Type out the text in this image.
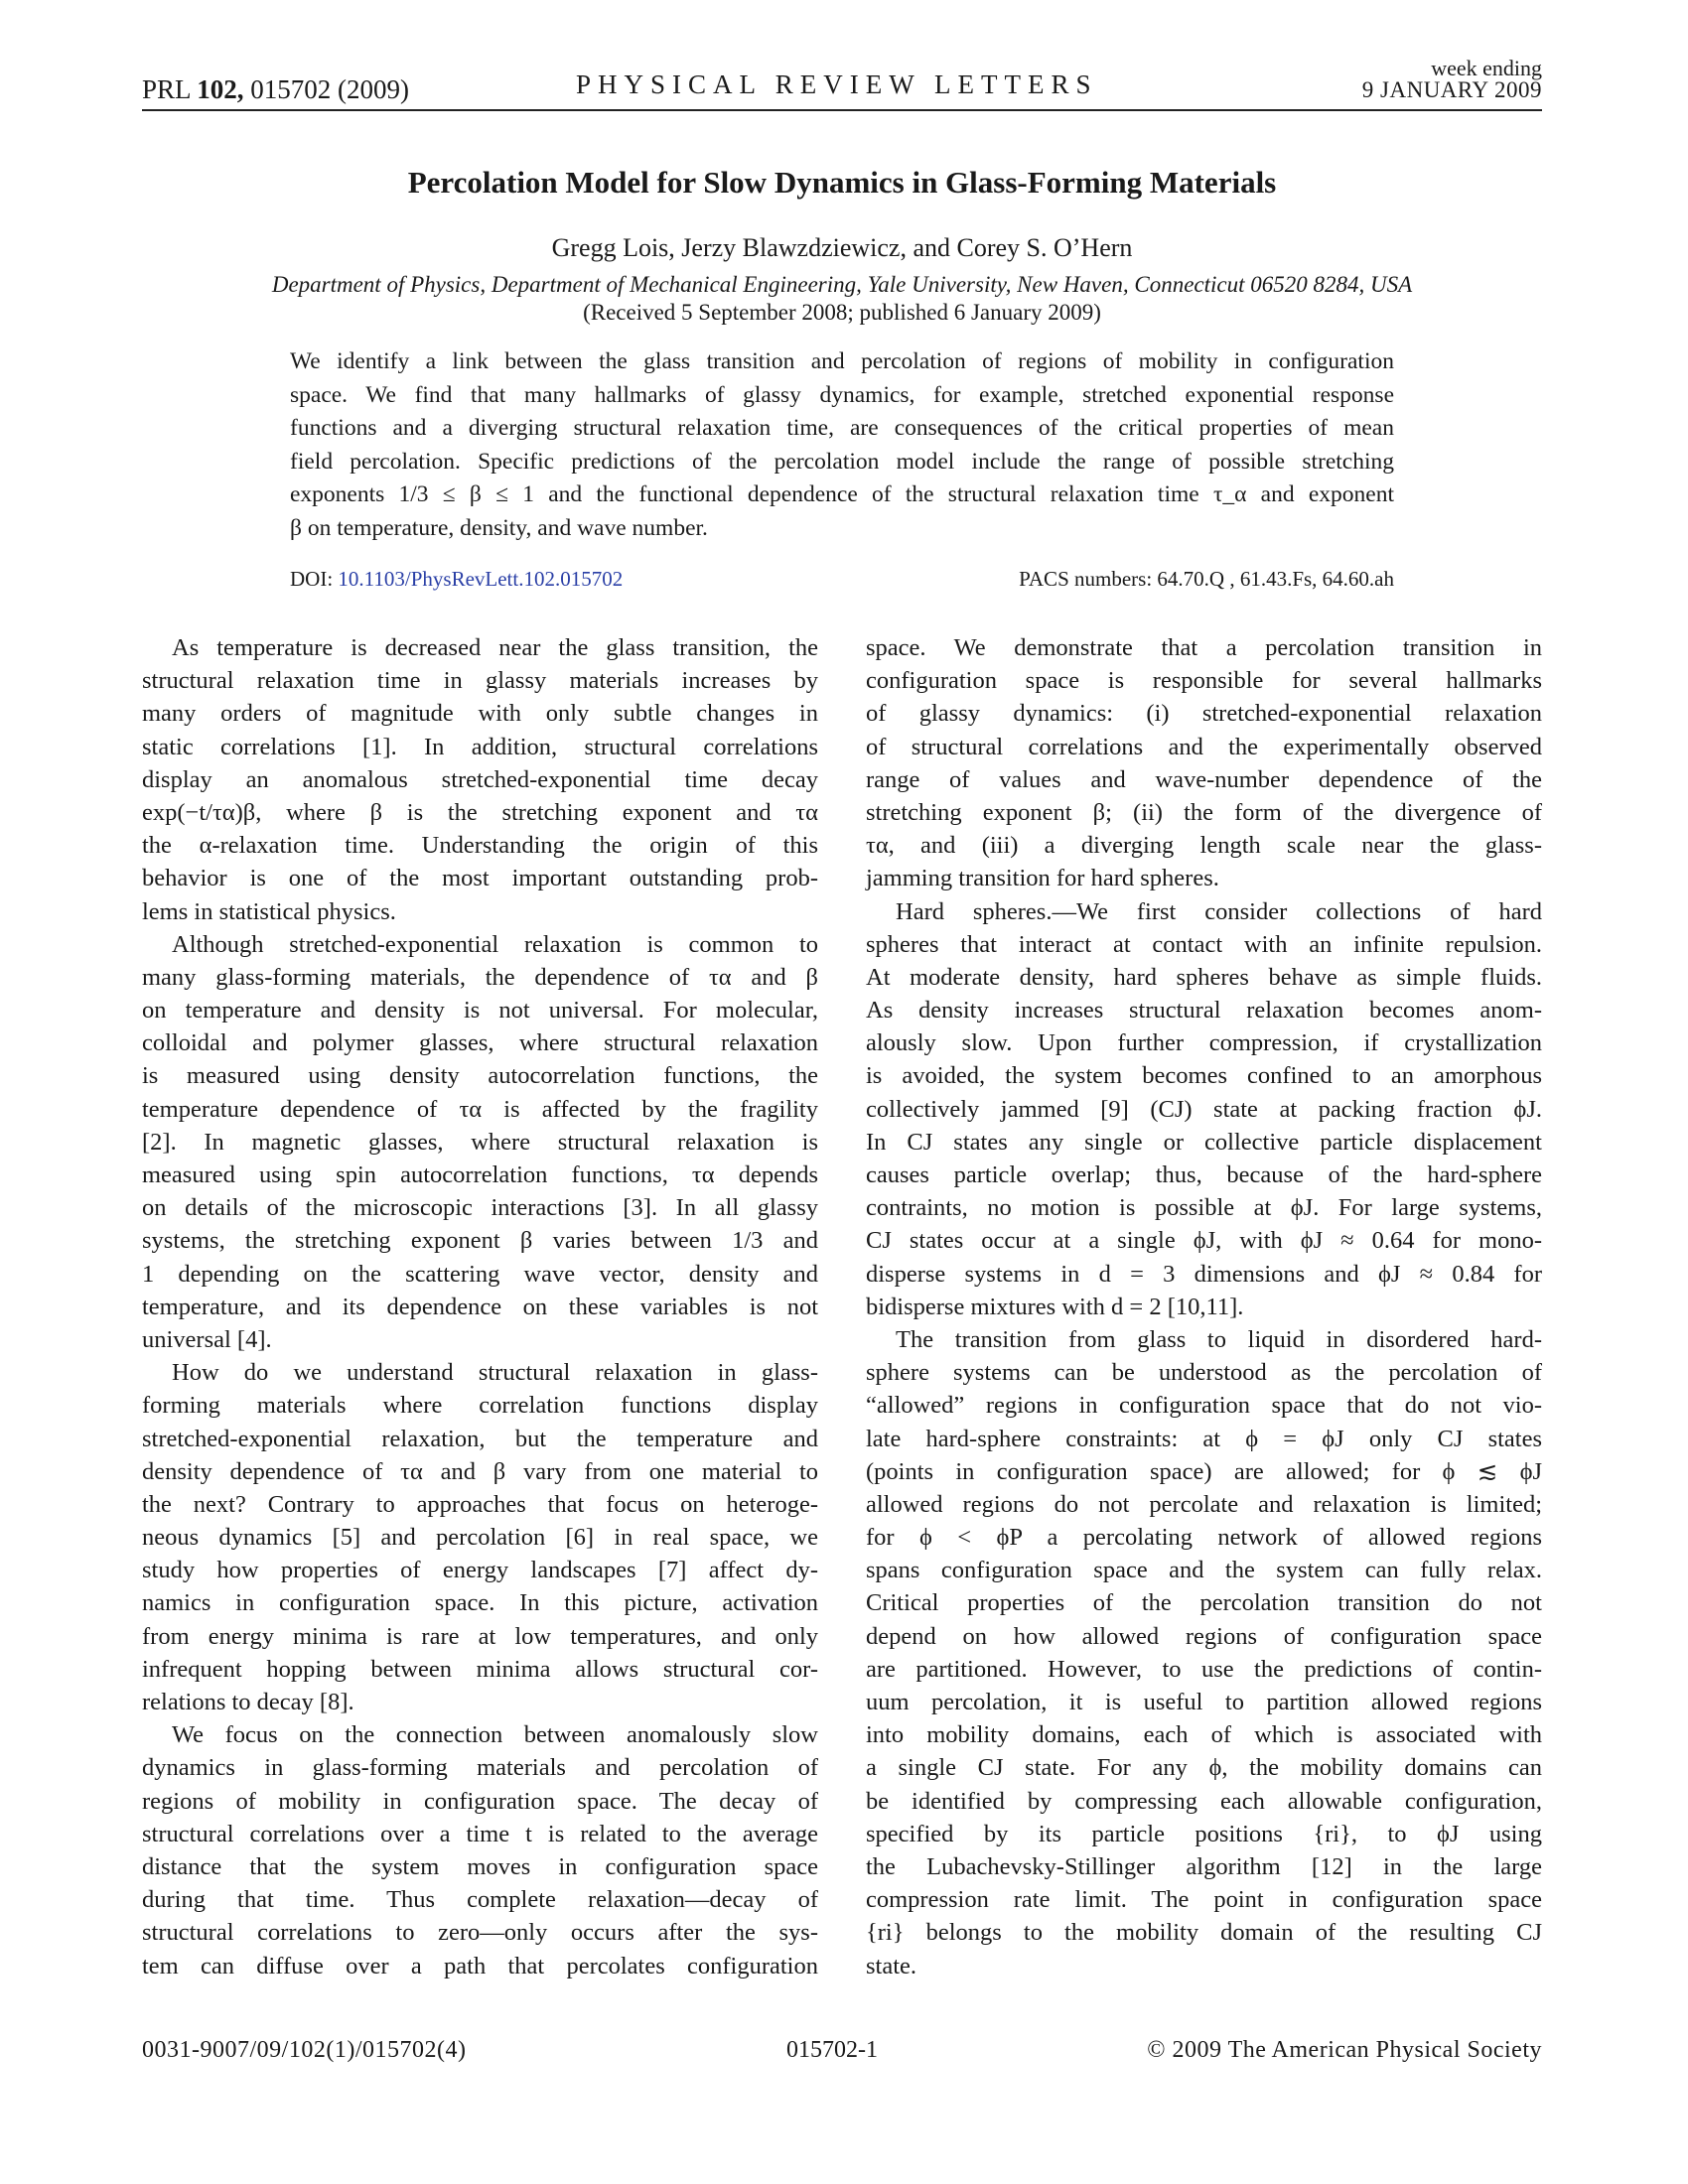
PRL 102, 015702 (2009)	PHYSICAL REVIEW LETTERS
week ending
9 JANUARY 2009
Percolation Model for Slow Dynamics in Glass-Forming Materials
Gregg Lois, Jerzy Blawzdziewicz, and Corey S. O’Hern
Department of Physics, Department of Mechanical Engineering, Yale University, New Haven, Connecticut 06520 8284, USA
(Received 5 September 2008; published 6 January 2009)
We identify a link between the glass transition and percolation of regions of mobility in configuration
space. We find that many hallmarks of glassy dynamics, for example, stretched exponential response
functions and a diverging structural relaxation time, are consequences of the critical properties of mean
field percolation. Specific predictions of the percolation model include the range of possible stretching
exponents 1/3 ≤ β ≤ 1 and the functional dependence of the structural relaxation time τ_α and exponent
β on temperature, density, and wave number.
DOI: 10.1103/PhysRevLett.102.015702	PACS numbers: 64.70.Q , 61.43.Fs, 64.60.ah
As temperature is decreased near the glass transition, the
structural relaxation time in glassy materials increases by
many orders of magnitude with only subtle changes in
static correlations [1]. In addition, structural correlations
display an anomalous stretched-exponential time decay
exp(−t/τα)β, where β is the stretching exponent and τα
the α-relaxation time. Understanding the origin of this
behavior is one of the most important outstanding prob-
lems in statistical physics.
Although stretched-exponential relaxation is common to
many glass-forming materials, the dependence of τα and β
on temperature and density is not universal. For molecular,
colloidal and polymer glasses, where structural relaxation
is measured using density autocorrelation functions, the
temperature dependence of τα is affected by the fragility
[2]. In magnetic glasses, where structural relaxation is
measured using spin autocorrelation functions, τα depends
on details of the microscopic interactions [3]. In all glassy
systems, the stretching exponent β varies between 1/3 and
1 depending on the scattering wave vector, density and
temperature, and its dependence on these variables is not
universal [4].
How do we understand structural relaxation in glass-
forming materials where correlation functions display
stretched-exponential relaxation, but the temperature and
density dependence of τα and β vary from one material to
the next? Contrary to approaches that focus on heteroge-
neous dynamics [5] and percolation [6] in real space, we
study how properties of energy landscapes [7] affect dy-
namics in configuration space. In this picture, activation
from energy minima is rare at low temperatures, and only
infrequent hopping between minima allows structural cor-
relations to decay [8].
We focus on the connection between anomalously slow
dynamics in glass-forming materials and percolation of
regions of mobility in configuration space. The decay of
structural correlations over a time t is related to the average
distance that the system moves in configuration space
during that time. Thus complete relaxation—decay of
structural correlations to zero—only occurs after the sys-
tem can diffuse over a path that percolates configuration
space. We demonstrate that a percolation transition in
configuration space is responsible for several hallmarks
of glassy dynamics: (i) stretched-exponential relaxation
of structural correlations and the experimentally observed
range of values and wave-number dependence of the
stretching exponent β; (ii) the form of the divergence of
τα, and (iii) a diverging length scale near the glass-
jamming transition for hard spheres.
Hard spheres.—We first consider collections of hard
spheres that interact at contact with an infinite repulsion.
At moderate density, hard spheres behave as simple fluids.
As density increases structural relaxation becomes anom-
alously slow. Upon further compression, if crystallization
is avoided, the system becomes confined to an amorphous
collectively jammed [9] (CJ) state at packing fraction ϕJ.
In CJ states any single or collective particle displacement
causes particle overlap; thus, because of the hard-sphere
contraints, no motion is possible at ϕJ. For large systems,
CJ states occur at a single ϕJ, with ϕJ ≈ 0.64 for mono-
disperse systems in d = 3 dimensions and ϕJ ≈ 0.84 for
bidisperse mixtures with d = 2 [10,11].
The transition from glass to liquid in disordered hard-
sphere systems can be understood as the percolation of
“allowed” regions in configuration space that do not vio-
late hard-sphere constraints: at ϕ = ϕJ only CJ states
(points in configuration space) are allowed; for ϕ ≲ ϕJ
allowed regions do not percolate and relaxation is limited;
for ϕ < ϕP a percolating network of allowed regions
spans configuration space and the system can fully relax.
Critical properties of the percolation transition do not
depend on how allowed regions of configuration space
are partitioned. However, to use the predictions of contin-
uum percolation, it is useful to partition allowed regions
into mobility domains, each of which is associated with
a single CJ state. For any ϕ, the mobility domains can
be identified by compressing each allowable configuration,
specified by its particle positions {ri}, to ϕJ using
the Lubachevsky-Stillinger algorithm [12] in the large
compression rate limit. The point in configuration space
{ri} belongs to the mobility domain of the resulting CJ
state.
0031-9007/09/102(1)/015702(4)	015702-1	© 2009 The American Physical Society
